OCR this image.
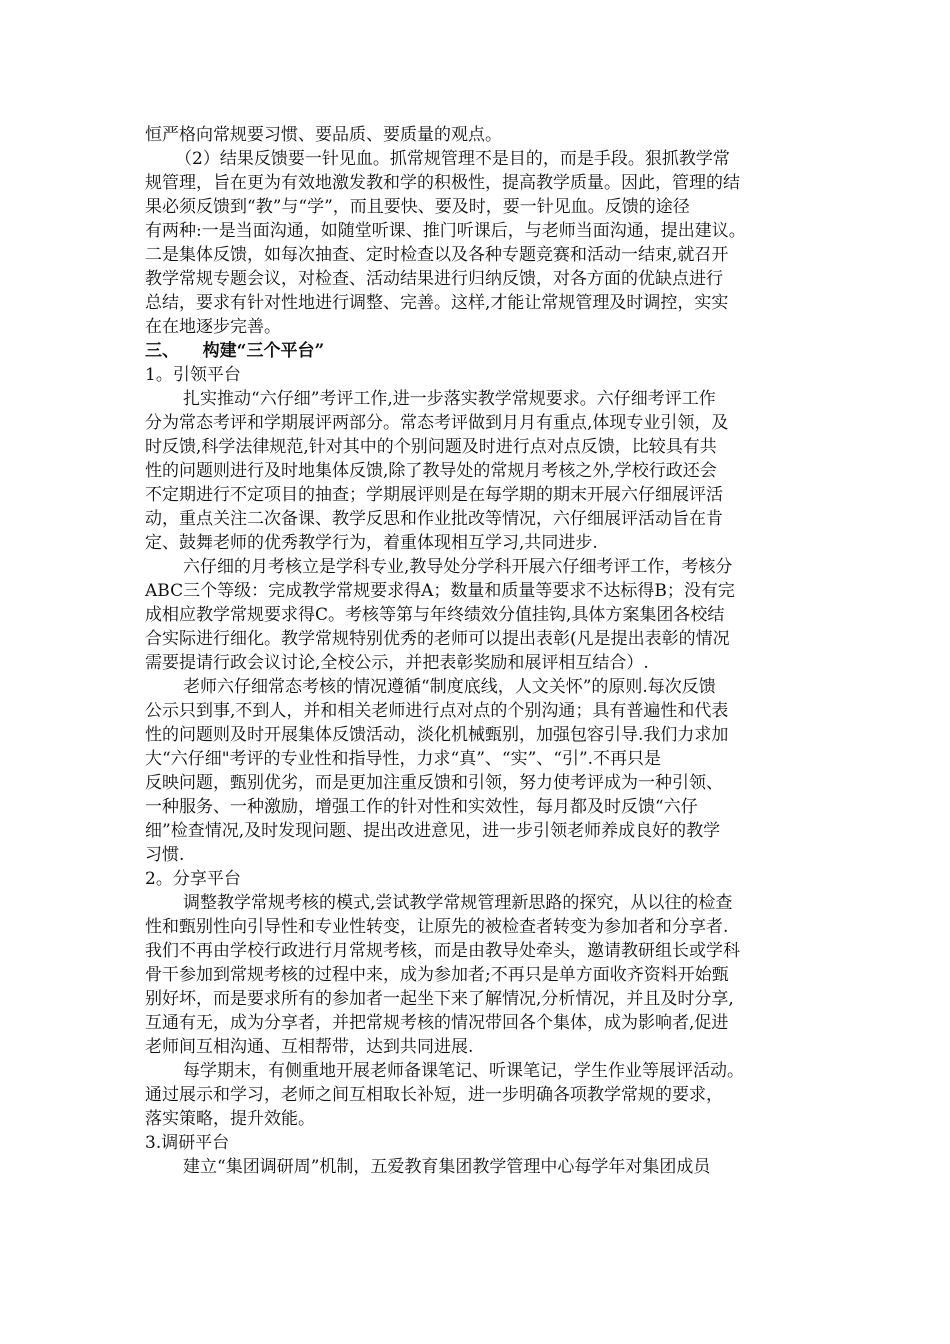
恒严格向常规要习惯、要品质、要质量的观点。
（2）结果反馈要一针见血。抓常规管理不是目的，而是手段。狠抓教学常
规管理，旨在更为有效地激发教和学的积极性，提高教学质量。因此，管理的结
果必须反馈到“教”与“学”，而且要快、要及时，要一针见血。反馈的途径
有两种:一是当面沟通，如随堂听课、推门听课后，与老师当面沟通，提出建议。
二是集体反馈，如每次抽查、定时检查以及各种专题竞赛和活动一结束,就召开
教学常规专题会议，对检查、活动结果进行归纳反馈，对各方面的优缺点进行
总结，要求有针对性地进行调整、完善。这样,才能让常规管理及时调控，实实
在在地逐步完善。
三、    构建“三个平台”
1。引领平台
扎实推动“六仔细”考评工作,进一步落实教学常规要求。六仔细考评工作
分为常态考评和学期展评两部分。常态考评做到月月有重点,体现专业引领，及
时反馈,科学法律规范,针对其中的个别问题及时进行点对点反馈，比较具有共
性的问题则进行及时地集体反馈,除了教导处的常规月考核之外,学校行政还会
不定期进行不定项目的抽查；学期展评则是在每学期的期末开展六仔细展评活
动，重点关注二次备课、教学反思和作业批改等情况，六仔细展评活动旨在肯
定、鼓舞老师的优秀教学行为，着重体现相互学习,共同进步.
六仔细的月考核立是学科专业,教导处分学科开展六仔细考评工作，考核分
ABC三个等级：完成教学常规要求得A；数量和质量等要求不达标得B；没有完
成相应教学常规要求得C。考核等第与年终绩效分值挂钩,具体方案集团各校结
合实际进行细化。教学常规特别优秀的老师可以提出表彰(凡是提出表彰的情况
需要提请行政会议讨论,全校公示，并把表彰奖励和展评相互结合）.
老师六仔细常态考核的情况遵循“制度底线，人文关怀”的原则.每次反馈
公示只到事,不到人，并和相关老师进行点对点的个别沟通；具有普遍性和代表
性的问题则及时开展集体反馈活动，淡化机械甄别，加强包容引导.我们力求加
大“六仔细"考评的专业性和指导性，力求“真”、“实”、“引”.不再只是
反映问题，甄别优劣，而是更加注重反馈和引领，努力使考评成为一种引领、
一种服务、一种激励，增强工作的针对性和实效性，每月都及时反馈“六仔
细”检查情况,及时发现问题、提出改进意见，进一步引领老师养成良好的教学
习惯.
2。分享平台
调整教学常规考核的模式,尝试教学常规管理新思路的探究，从以往的检查
性和甄别性向引导性和专业性转变，让原先的被检查者转变为参加者和分享者.
我们不再由学校行政进行月常规考核，而是由教导处牵头，邀请教研组长或学科
骨干参加到常规考核的过程中来，成为参加者;不再只是单方面收齐资料开始甄
别好坏，而是要求所有的参加者一起坐下来了解情况,分析情况，并且及时分享,
互通有无，成为分享者，并把常规考核的情况带回各个集体，成为影响者,促进
老师间互相沟通、互相帮带，达到共同进展.
每学期末，有侧重地开展老师备课笔记、听课笔记，学生作业等展评活动。
通过展示和学习，老师之间互相取长补短，进一步明确各项教学常规的要求，
落实策略，提升效能。
3.调研平台
建立“集团调研周”机制，五爱教育集团教学管理中心每学年对集团成员
